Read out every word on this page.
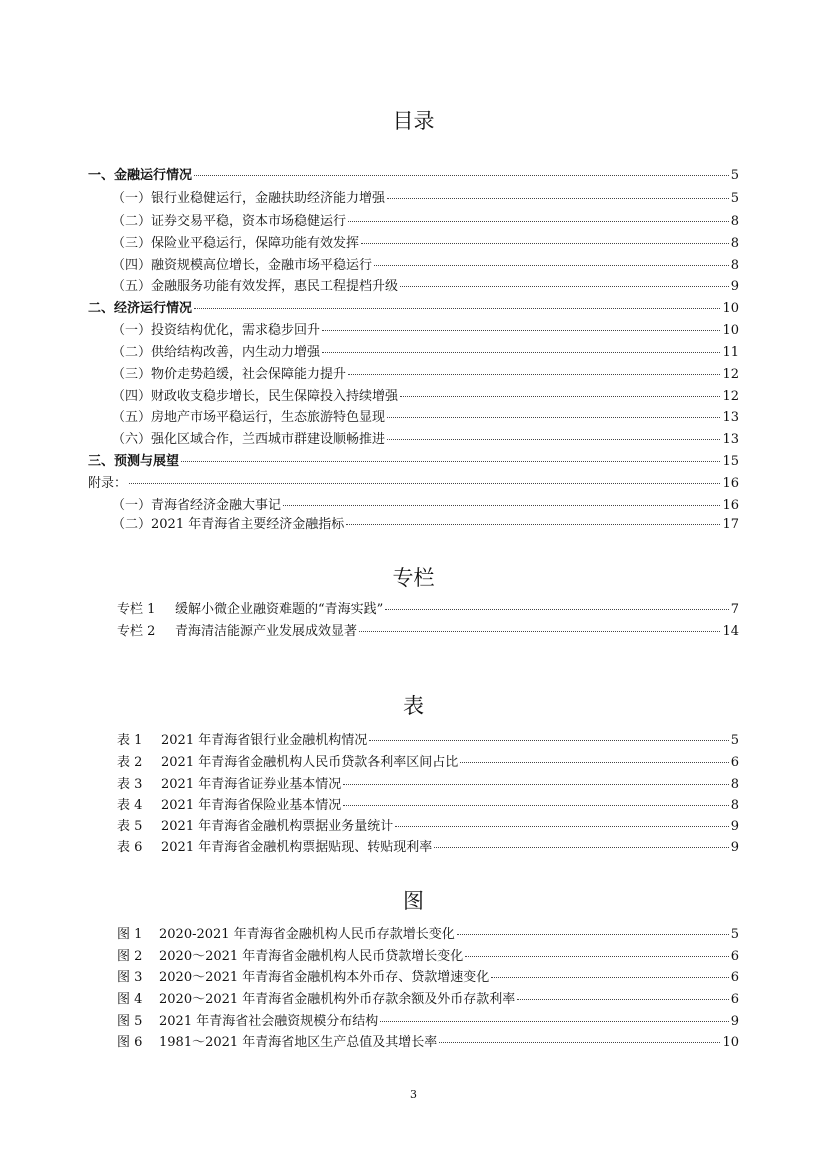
目录
一、金融运行情况	5
（一）银行业稳健运行，金融扶助经济能力增强	5
（二）证券交易平稳，资本市场稳健运行	8
（三）保险业平稳运行，保障功能有效发挥	8
（四）融资规模高位增长，金融市场平稳运行	8
（五）金融服务功能有效发挥，惠民工程提档升级	9
二、经济运行情况	10
（一）投资结构优化，需求稳步回升	10
（二）供给结构改善，内生动力增强	11
（三）物价走势趋缓，社会保障能力提升	12
（四）财政收支稳步增长，民生保障投入持续增强	12
（五）房地产市场平稳运行，生态旅游特色显现	13
（六）强化区域合作，兰西城市群建设顺畅推进	13
三、预测与展望	15
附录：	16
（一）青海省经济金融大事记	16
（二）2021 年青海省主要经济金融指标	17
专栏
专栏 1	缓解小微企业融资难题的“青海实践”	7
专栏 2	青海清洁能源产业发展成效显著	14
表
表 1	2021 年青海省银行业金融机构情况	5
表 2	2021 年青海省金融机构人民币贷款各利率区间占比	6
表 3	2021 年青海省证券业基本情况	8
表 4	2021 年青海省保险业基本情况	8
表 5	2021 年青海省金融机构票据业务量统计	9
表 6	2021 年青海省金融机构票据贴现、转贴现利率	9
图
图 1	2020-2021 年青海省金融机构人民币存款增长变化	5
图 2	2020～2021 年青海省金融机构人民币贷款增长变化	6
图 3	2020～2021 年青海省金融机构本外币存、贷款增速变化	6
图 4	2020～2021 年青海省金融机构外币存款余额及外币存款利率	6
图 5	2021 年青海省社会融资规模分布结构	9
图 6	1981～2021 年青海省地区生产总值及其增长率	10
3
